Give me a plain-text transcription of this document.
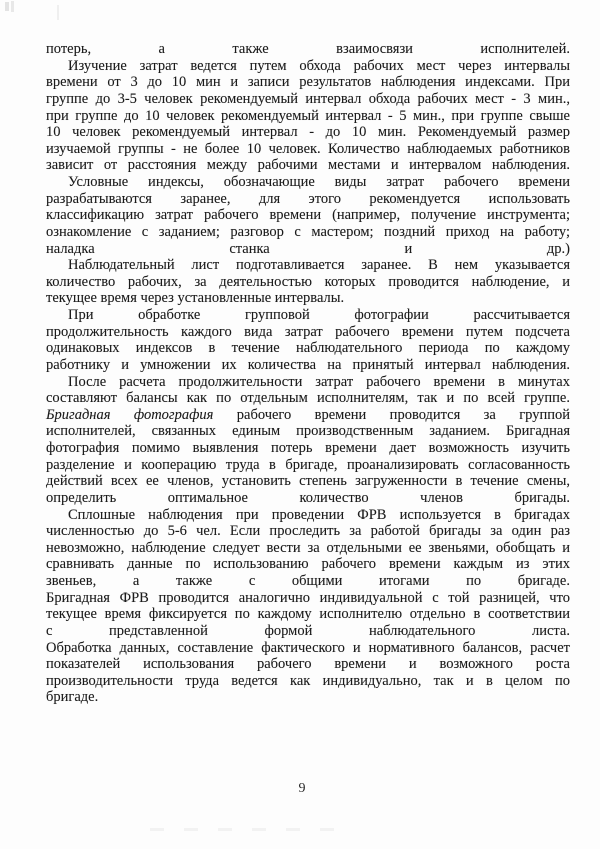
потерь, а также взаимосвязи исполнителей.
Изучение затрат ведется путем обхода рабочих мест через интервалы
времени от 3 до 10 мин и записи результатов наблюдения индексами. При
группе до 3-5 человек рекомендуемый интервал обхода рабочих мест - 3 мин.,
при группе до 10 человек рекомендуемый интервал - 5 мин., при группе свыше
10 человек рекомендуемый интервал - до 10 мин. Рекомендуемый размер
изучаемой группы - не более 10 человек. Количество наблюдаемых работников
зависит от расстояния между рабочими местами и интервалом наблюдения.
Условные индексы, обозначающие виды затрат рабочего времени
разрабатываются заранее, для этого рекомендуется использовать
классификацию затрат рабочего времени (например, получение инструмента;
ознакомление с заданием; разговор с мастером; поздний приход на работу;
наладка станка и др.)
Наблюдательный лист подготавливается заранее. В нем указывается
количество рабочих, за деятельностью которых проводится наблюдение, и
текущее время через установленные интервалы.
При обработке групповой фотографии рассчитывается
продолжительность каждого вида затрат рабочего времени путем подсчета
одинаковых индексов в течение наблюдательного периода по каждому
работнику и умножении их количества на принятый интервал наблюдения.
После расчета продолжительности затрат рабочего времени в минутах
составляют балансы как по отдельным исполнителям, так и по всей группе.
Бригадная фотография рабочего времени проводится за группой
исполнителей, связанных единым производственным заданием. Бригадная
фотография помимо выявления потерь времени дает возможность изучить
разделение и кооперацию труда в бригаде, проанализировать согласованность
действий всех ее членов, установить степень загруженности в течение смены,
определить оптимальное количество членов бригады.
Сплошные наблюдения при проведении ФРВ используется в бригадах
численностью до 5-6 чел. Если проследить за работой бригады за один раз
невозможно, наблюдение следует вести за отдельными ее звеньями, обобщать и
сравнивать данные по использованию рабочего времени каждым из этих
звеньев, а также с общими итогами по бригаде.
Бригадная ФРВ проводится аналогично индивидуальной с той разницей, что
текущее время фиксируется по каждому исполнителю отдельно в соответствии
с представленной формой наблюдательного листа.
Обработка данных, составление фактического и нормативного балансов, расчет
показателей использования рабочего времени и возможного роста
производительности труда ведется как индивидуально, так и в целом по
бригаде.
9
